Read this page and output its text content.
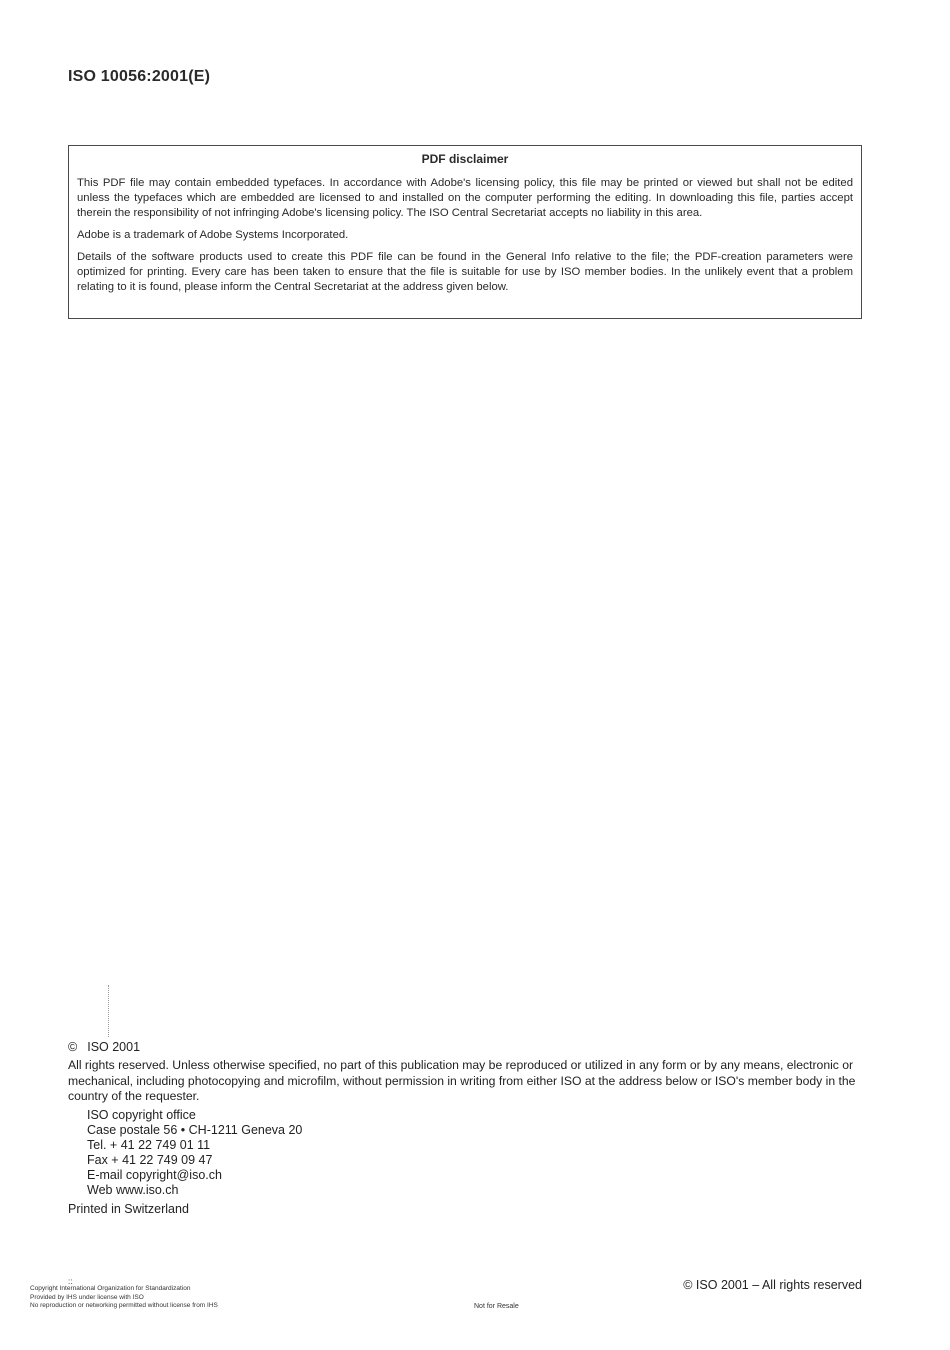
ISO 10056:2001(E)
PDF disclaimer

This PDF file may contain embedded typefaces. In accordance with Adobe's licensing policy, this file may be printed or viewed but shall not be edited unless the typefaces which are embedded are licensed to and installed on the computer performing the editing. In downloading this file, parties accept therein the responsibility of not infringing Adobe's licensing policy. The ISO Central Secretariat accepts no liability in this area.

Adobe is a trademark of Adobe Systems Incorporated.

Details of the software products used to create this PDF file can be found in the General Info relative to the file; the PDF-creation parameters were optimized for printing. Every care has been taken to ensure that the file is suitable for use by ISO member bodies. In the unlikely event that a problem relating to it is found, please inform the Central Secretariat at the address given below.

© ISO 2001
All rights reserved. Unless otherwise specified, no part of this publication may be reproduced or utilized in any form or by any means, electronic or mechanical, including photocopying and microfilm, without permission in writing from either ISO at the address below or ISO's member body in the country of the requester.
ISO copyright office
Case postale 56 • CH-1211 Geneva 20
Tel. + 41 22 749 01 11
Fax + 41 22 749 09 47
E-mail copyright@iso.ch
Web www.iso.ch
Printed in Switzerland
::
Copyright International Organization for Standardization
Provided by IHS under license with ISO
No reproduction or networking permitted without license from IHS	Not for Resale
© ISO 2001 – All rights reserved
